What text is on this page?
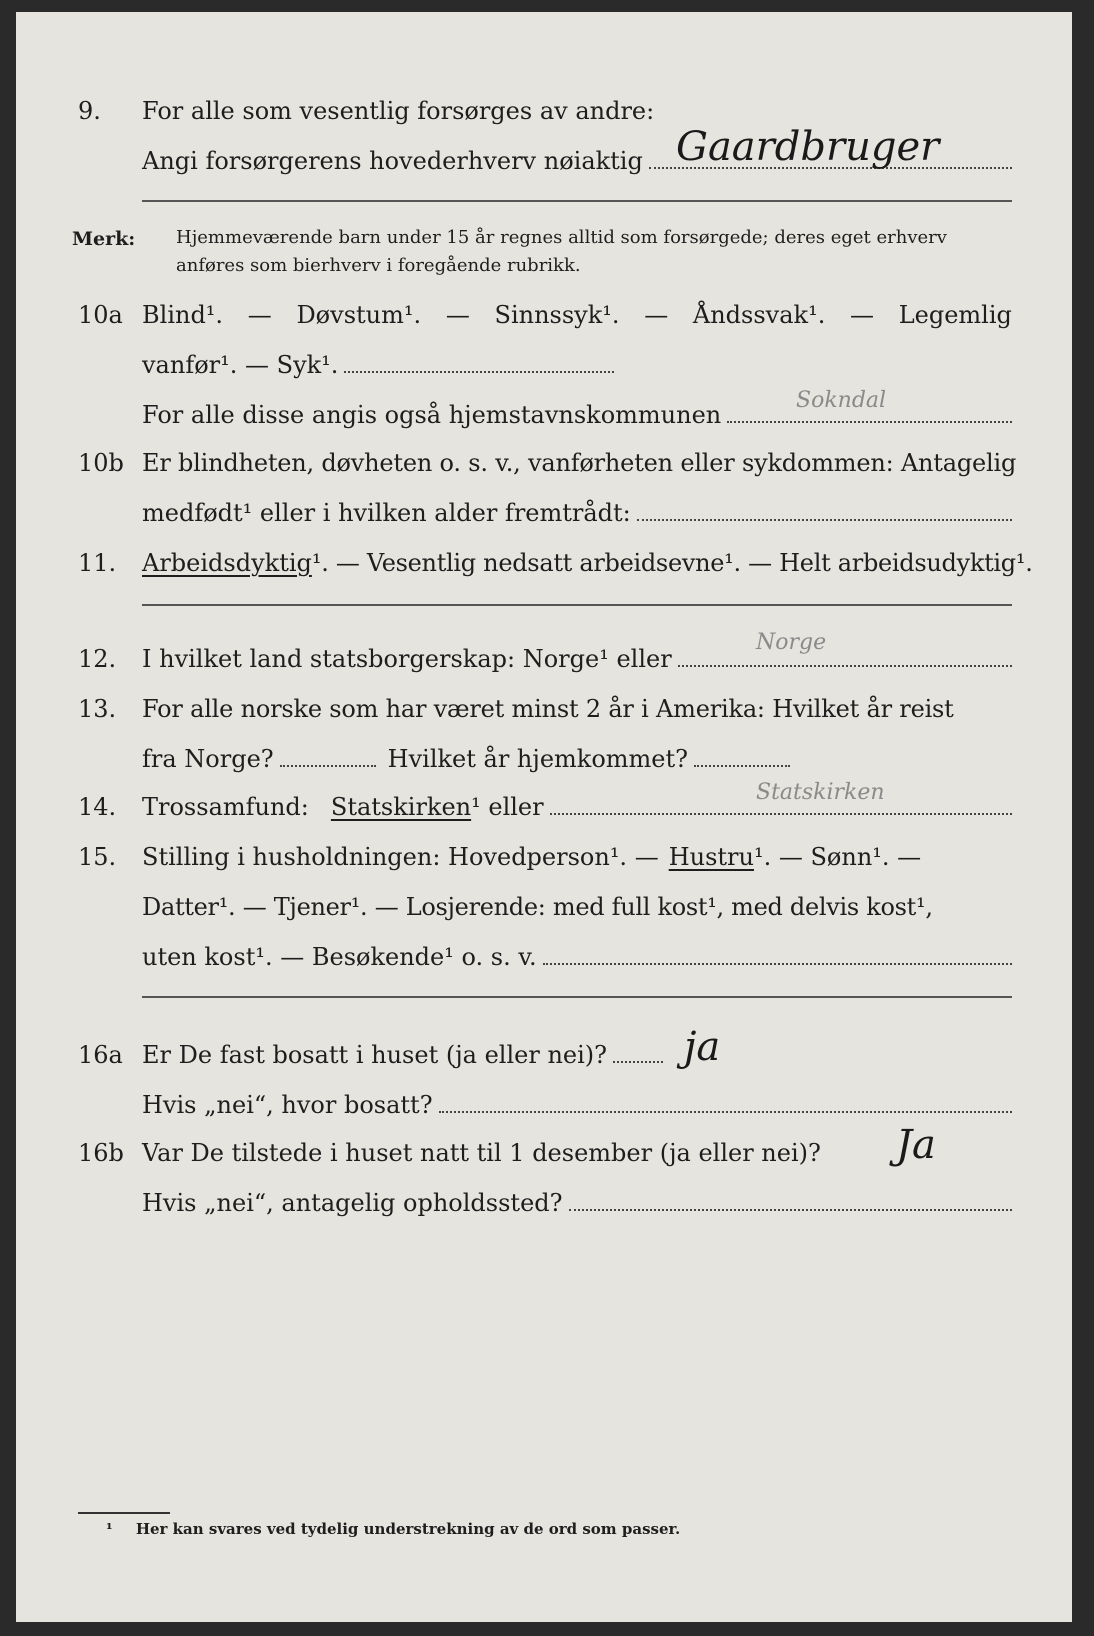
9.	For alle som vesentlig forsørges av andre:
Angi forsørgerens hovederhverv nøiaktig Gaardbruger
Merk: Hjemmeværende barn under 15 år regnes alltid som forsørgede; deres eget erhverv
anføres som bierhverv i foregående rubrikk.
10a Blind¹. — Døvstum¹. — Sinnssyk¹. — Åndssvak¹. — Legemlig
vanfør¹. — Syk¹.
For alle disse angis også hjemstavnskommunen
Sokndal
10b Er blindheten, døvheten o. s. v., vanførheten eller sykdommen: Antagelig
medfødt¹ eller i hvilken alder fremtrådt:
11.	Arbeidsdyktig ¹. — Vesentlig nedsatt arbeidsevne¹. — Helt arbeidsudyktig¹.
12.	I hvilket land statsborgerskap: Norge¹ eller
Norge
13.	For alle norske som har været minst 2 år i Amerika: Hvilket år reist
fra Norge?	Hvilket år hjemkommet?
14.	Trossamfund: Statskirken ¹ eller
Statskirken
15.	Stilling i husholdningen: Hovedperson¹. — Hustru ¹. — Sønn¹. —
Datter¹. — Tjener¹. — Losjerende: med full kost¹, med delvis kost¹,
uten kost¹. — Besøkende¹ o. s. v.
16a Er De fast bosatt i huset (ja eller nei)? ja
Hvis „nei“, hvor bosatt?
16b Var De tilstede i huset natt til 1 desember (ja eller nei)? Ja
Hvis „nei“, antagelig opholdssted?
¹ Her kan svares ved tydelig understrekning av de ord som passer.
